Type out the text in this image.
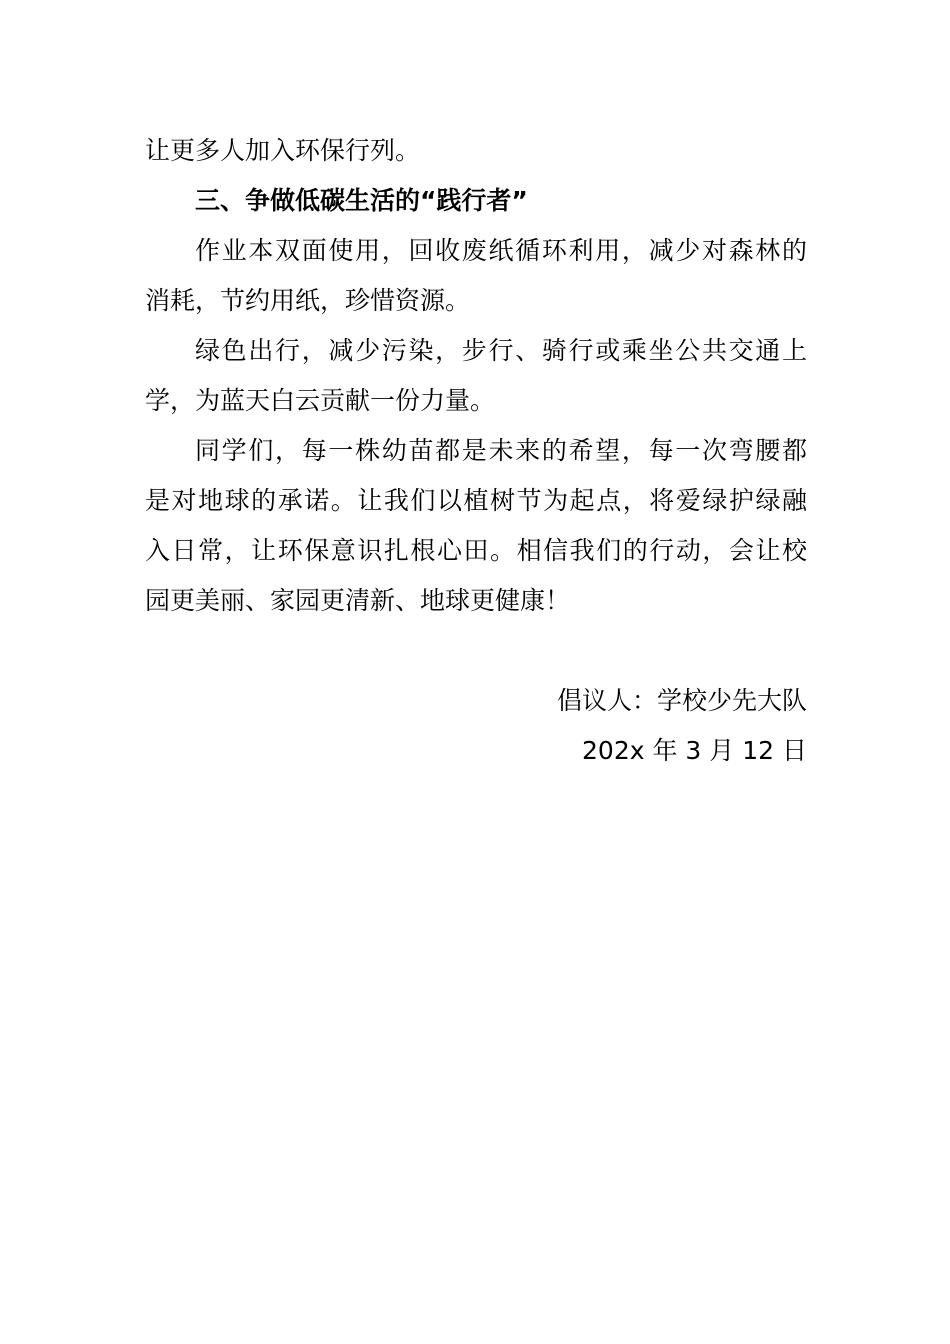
让更多人加入环保行列。
三、争做低碳生活的“践行者”
作业本双面使用，回收废纸循环利用，减少对森林的
消耗，节约用纸，珍惜资源。
绿色出行，减少污染，步行、骑行或乘坐公共交通上
学，为蓝天白云贡献一份力量。
同学们，每一株幼苗都是未来的希望，每一次弯腰都
是对地球的承诺。让我们以植树节为起点，将爱绿护绿融
入日常，让环保意识扎根心田。相信我们的行动，会让校
园更美丽、家园更清新、地球更健康！
倡议人：学校少先大队
202x 年 3 月 12 日
